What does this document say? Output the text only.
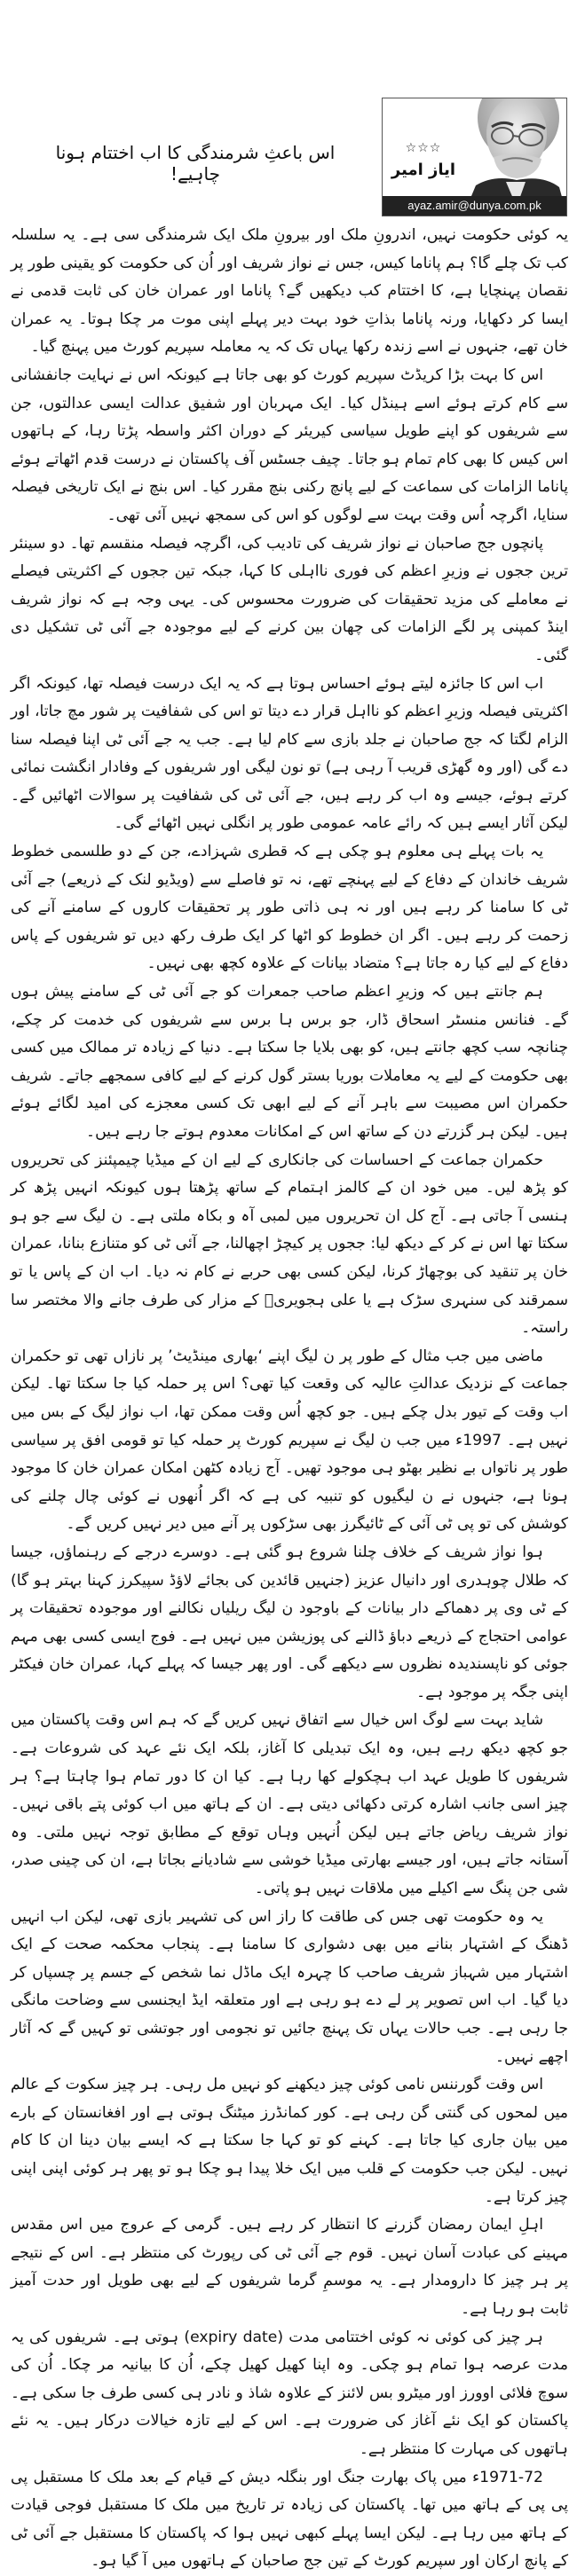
اس باعثِ شرمندگی کا اب اختتام ہونا چاہیے!
☆☆☆
ایاز امیر
ayaz.amir@dunya.com.pk

یہ کوئی حکومت نہیں، اندرونِ ملک اور بیرونِ ملک ایک شرمندگی سی ہے۔ یہ سلسلہ کب تک چلے گا؟ ہم پاناما کیس، جس نے نواز شریف اور اُن کی حکومت کو یقینی طور پر نقصان پہنچایا ہے، کا اختتام کب دیکھیں گے؟ پاناما اور عمران خان کی ثابت قدمی نے ایسا کر دکھایا، ورنہ پاناما بذاتِ خود بہت دیر پہلے اپنی موت مر چکا ہوتا۔ یہ عمران خان تھے، جنہوں نے اسے زندہ رکھا یہاں تک کہ یہ معاملہ سپریم کورٹ میں پہنچ گیا۔

اس کا بہت بڑا کریڈٹ سپریم کورٹ کو بھی جاتا ہے کیونکہ اس نے نہایت جانفشانی سے کام کرتے ہوئے اسے ہینڈل کیا۔ ایک مہربان اور شفیق عدالت ایسی عدالتوں، جن سے شریفوں کو اپنے طویل سیاسی کیریئر کے دوران اکثر واسطہ پڑتا رہا، کے ہاتھوں اس کیس کا بھی کام تمام ہو جاتا۔ چیف جسٹس آف پاکستان نے درست قدم اٹھاتے ہوئے پاناما الزامات کی سماعت کے لیے پانچ رکنی بنچ مقرر کیا۔ اس بنچ نے ایک تاریخی فیصلہ سنایا، اگرچہ اُس وقت بہت سے لوگوں کو اس کی سمجھ نہیں آئی تھی۔

پانچوں جج صاحبان نے نواز شریف کی تادیب کی، اگرچہ فیصلہ منقسم تھا۔ دو سینئر ترین ججوں نے وزیرِ اعظم کی فوری نااہلی کا کہا، جبکہ تین ججوں کے اکثریتی فیصلے نے معاملے کی مزید تحقیقات کی ضرورت محسوس کی۔ یہی وجہ ہے کہ نواز شریف اینڈ کمپنی پر لگے الزامات کی چھان بین کرنے کے لیے موجودہ جے آئی ٹی تشکیل دی گئی۔

اب اس کا جائزہ لیتے ہوئے احساس ہوتا ہے کہ یہ ایک درست فیصلہ تھا، کیونکہ اگر اکثریتی فیصلہ وزیرِ اعظم کو نااہل قرار دے دیتا تو اس کی شفافیت پر شور مچ جاتا، اور الزام لگتا کہ جج صاحبان نے جلد بازی سے کام لیا ہے۔ جب یہ جے آئی ٹی اپنا فیصلہ سنا دے گی (اور وہ گھڑی قریب آ رہی ہے) تو نون لیگی اور شریفوں کے وفادار انگشت نمائی کرتے ہوئے، جیسے وہ اب کر رہے ہیں، جے آئی ٹی کی شفافیت پر سوالات اٹھائیں گے۔ لیکن آثار ایسے ہیں کہ رائے عامہ عمومی طور پر انگلی نہیں اٹھائے گی۔

یہ بات پہلے ہی معلوم ہو چکی ہے کہ قطری شہزادے، جن کے دو طلسمی خطوط شریف خاندان کے دفاع کے لیے پہنچے تھے، نہ تو فاصلے سے (ویڈیو لنک کے ذریعے) جے آئی ٹی کا سامنا کر رہے ہیں اور نہ ہی ذاتی طور پر تحقیقات کاروں کے سامنے آنے کی زحمت کر رہے ہیں۔ اگر ان خطوط کو اٹھا کر ایک طرف رکھ دیں تو شریفوں کے پاس دفاع کے لیے کیا رہ جاتا ہے؟ متضاد بیانات کے علاوہ کچھ بھی نہیں۔

ہم جانتے ہیں کہ وزیرِ اعظم صاحب جمعرات کو جے آئی ٹی کے سامنے پیش ہوں گے۔ فنانس منسٹر اسحاق ڈار، جو برس ہا برس سے شریفوں کی خدمت کر چکے، چنانچہ سب کچھ جانتے ہیں، کو بھی بلایا جا سکتا ہے۔ دنیا کے زیادہ تر ممالک میں کسی بھی حکومت کے لیے یہ معاملات بوریا بستر گول کرنے کے لیے کافی سمجھے جاتے۔ شریف حکمران اس مصیبت سے باہر آنے کے لیے ابھی تک کسی معجزے کی امید لگائے ہوئے ہیں۔ لیکن ہر گزرتے دن کے ساتھ اس کے امکانات معدوم ہوتے جا رہے ہیں۔

حکمران جماعت کے احساسات کی جانکاری کے لیے ان کے میڈیا چیمپئنز کی تحریروں کو پڑھ لیں۔ میں خود ان کے کالمز اہتمام کے ساتھ پڑھتا ہوں کیونکہ انہیں پڑھ کر ہنسی آ جاتی ہے۔ آج کل ان تحریروں میں لمبی آہ و بکاہ ملتی ہے۔ ن لیگ سے جو ہو سکتا تھا اس نے کر کے دیکھ لیا: ججوں پر کیچڑ اچھالنا، جے آئی ٹی کو متنازع بنانا، عمران خان پر تنقید کی بوچھاڑ کرنا، لیکن کسی بھی حربے نے کام نہ دیا۔ اب ان کے پاس یا تو سمرقند کی سنہری سڑک ہے یا علی ہجویریؒ کے مزار کی طرف جانے والا مختصر سا راستہ۔

ماضی میں جب مثال کے طور پر ن لیگ اپنے ‘بھاری مینڈیٹ’ پر نازاں تھی تو حکمران جماعت کے نزدیک عدالتِ عالیہ کی وقعت کیا تھی؟ اس پر حملہ کیا جا سکتا تھا۔ لیکن اب وقت کے تیور بدل چکے ہیں۔ جو کچھ اُس وقت ممکن تھا، اب نواز لیگ کے بس میں نہیں ہے۔ 1997ء میں جب ن لیگ نے سپریم کورٹ پر حملہ کیا تو قومی افق پر سیاسی طور پر ناتواں بے نظیر بھٹو ہی موجود تھیں۔ آج زیادہ کٹھن امکان عمران خان کا موجود ہونا ہے، جنہوں نے ن لیگیوں کو تنبیہ کی ہے کہ اگر اُنھوں نے کوئی چال چلنے کی کوشش کی تو پی ٹی آئی کے ٹائیگرز بھی سڑکوں پر آنے میں دیر نہیں کریں گے۔

ہوا نواز شریف کے خلاف چلنا شروع ہو گئی ہے۔ دوسرے درجے کے رہنماؤں، جیسا کہ طلال چوہدری اور دانیال عزیز (جنہیں قائدین کی بجائے لاؤڈ سپیکرز کہنا بہتر ہو گا) کے ٹی وی پر دھماکے دار بیانات کے باوجود ن لیگ ریلیاں نکالنے اور موجودہ تحقیقات پر عوامی احتجاج کے ذریعے دباؤ ڈالنے کی پوزیشن میں نہیں ہے۔ فوج ایسی کسی بھی مہم جوئی کو ناپسندیدہ نظروں سے دیکھے گی۔ اور پھر جیسا کہ پہلے کہا، عمران خان فیکٹر اپنی جگہ پر موجود ہے۔

شاید بہت سے لوگ اس خیال سے اتفاق نہیں کریں گے کہ ہم اس وقت پاکستان میں جو کچھ دیکھ رہے ہیں، وہ ایک تبدیلی کا آغاز، بلکہ ایک نئے عہد کی شروعات ہے۔ شریفوں کا طویل عہد اب ہچکولے کھا رہا ہے۔ کیا ان کا دور تمام ہوا چاہتا ہے؟ ہر چیز اسی جانب اشارہ کرتی دکھائی دیتی ہے۔ ان کے ہاتھ میں اب کوئی پتے باقی نہیں۔ نواز شریف ریاض جاتے ہیں لیکن اُنہیں وہاں توقع کے مطابق توجہ نہیں ملتی۔ وہ آستانہ جاتے ہیں، اور جیسے بھارتی میڈیا خوشی سے شادیانے بجاتا ہے، ان کی چینی صدر، شی جن پنگ سے اکیلے میں ملاقات نہیں ہو پاتی۔

یہ وہ حکومت تھی جس کی طاقت کا راز اس کی تشہیر بازی تھی، لیکن اب انہیں ڈھنگ کے اشتہار بنانے میں بھی دشواری کا سامنا ہے۔ پنجاب محکمہ صحت کے ایک اشتہار میں شہباز شریف صاحب کا چہرہ ایک ماڈل نما شخص کے جسم پر چسپاں کر دیا گیا۔ اب اس تصویر پر لے دے ہو رہی ہے اور متعلقہ ایڈ ایجنسی سے وضاحت مانگی جا رہی ہے۔ جب حالات یہاں تک پہنچ جائیں تو نجومی اور جوتشی تو کہیں گے کہ آثار اچھے نہیں۔

اس وقت گورننس نامی کوئی چیز دیکھنے کو نہیں مل رہی۔ ہر چیز سکوت کے عالم میں لمحوں کی گنتی گن رہی ہے۔ کور کمانڈرز میٹنگ ہوتی ہے اور افغانستان کے بارے میں بیان جاری کیا جاتا ہے۔ کہنے کو تو کہا جا سکتا ہے کہ ایسے بیان دینا ان کا کام نہیں۔ لیکن جب حکومت کے قلب میں ایک خلا پیدا ہو چکا ہو تو پھر ہر کوئی اپنی اپنی چیز کرتا ہے۔

اہلِ ایمان رمضان گزرنے کا انتظار کر رہے ہیں۔ گرمی کے عروج میں اس مقدس مہینے کی عبادت آسان نہیں۔ قوم جے آئی ٹی کی رپورٹ کی منتظر ہے۔ اس کے نتیجے پر ہر چیز کا دارومدار ہے۔ یہ موسمِ گرما شریفوں کے لیے بھی طویل اور حدت آمیز ثابت ہو رہا ہے۔

ہر چیز کی کوئی نہ کوئی اختتامی مدت (expiry date) ہوتی ہے۔ شریفوں کی یہ مدت عرصہ ہوا تمام ہو چکی۔ وہ اپنا کھیل کھیل چکے، اُن کا بیانیہ مر چکا۔ اُن کی سوچ فلائی اوورز اور میٹرو بس لائنز کے علاوہ شاذ و نادر ہی کسی طرف جا سکی ہے۔ پاکستان کو ایک نئے آغاز کی ضرورت ہے۔ اس کے لیے تازہ خیالات درکار ہیں۔ یہ نئے ہاتھوں کی مہارت کا منتظر ہے۔

1971-72ء میں پاک بھارت جنگ اور بنگلہ دیش کے قیام کے بعد ملک کا مستقبل پی پی پی کے ہاتھ میں تھا۔ پاکستان کی زیادہ تر تاریخ میں ملک کا مستقبل فوجی قیادت کے ہاتھ میں رہا ہے۔ لیکن ایسا پہلے کبھی نہیں ہوا کہ پاکستان کا مستقبل جے آئی ٹی کے پانچ ارکان اور سپریم کورٹ کے تین جج صاحبان کے ہاتھوں میں آ گیا ہو۔
